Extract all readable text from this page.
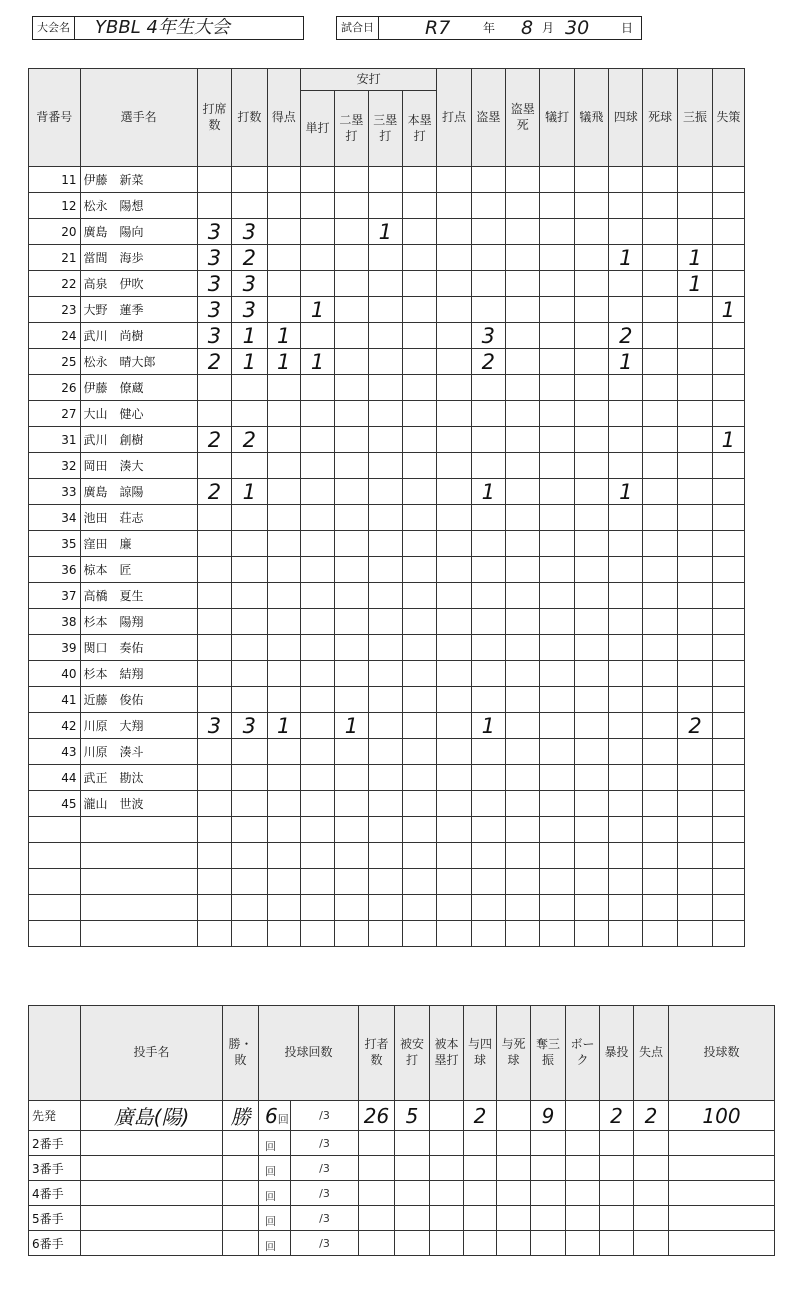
大会名 YBBL 4年生大会	試合日	R7	年 8 月 30	日
背番号	選手名	打席数	打数	得点	安打				打点	盗塁	盗塁死	犠打	犠飛	四球	死球	三振	失策
					単打	二塁打	三塁打	本塁打									
11	伊藤　新菜																
12	松永　陽想																
20	廣島　陽向	3	3				1										
21	當間　海歩	3	2											1		1	
22	高泉　伊吹	3	3													1	
23	大野　蓮季	3	3		1												1
24	武川　尚樹	3	1	1						3				2			
25	松永　晴大郎	2	1	1	1					2				1			
26	伊藤　僚蔵																
27	大山　健心																
31	武川　創樹	2	2														1
32	岡田　湊大																
33	廣島　諒陽	2	1							1				1			
34	池田　荘志																
35	窪田　廉																
36	椋本　匠																
37	高橋　夏生																
38	杉本　陽翔																
39	関口　奏佑																
40	杉本　結翔																
41	近藤　俊佑																
42	川原　大翔	3	3	1		1				1						2	
43	川原　湊斗																
44	武正　勘汰																
45	瀧山　世波																

	投手名	勝・敗	投球回数		打者数	被安打	被本塁打	与四球	与死球	奪三振	ボーク	暴投	失点	投球数
先発	廣島(陽)	勝	6回	/3	26	5		2		9		2	2	100
2番手			回	/3										
3番手			回	/3										
4番手			回	/3										
5番手			回	/3										
6番手			回	/3										
